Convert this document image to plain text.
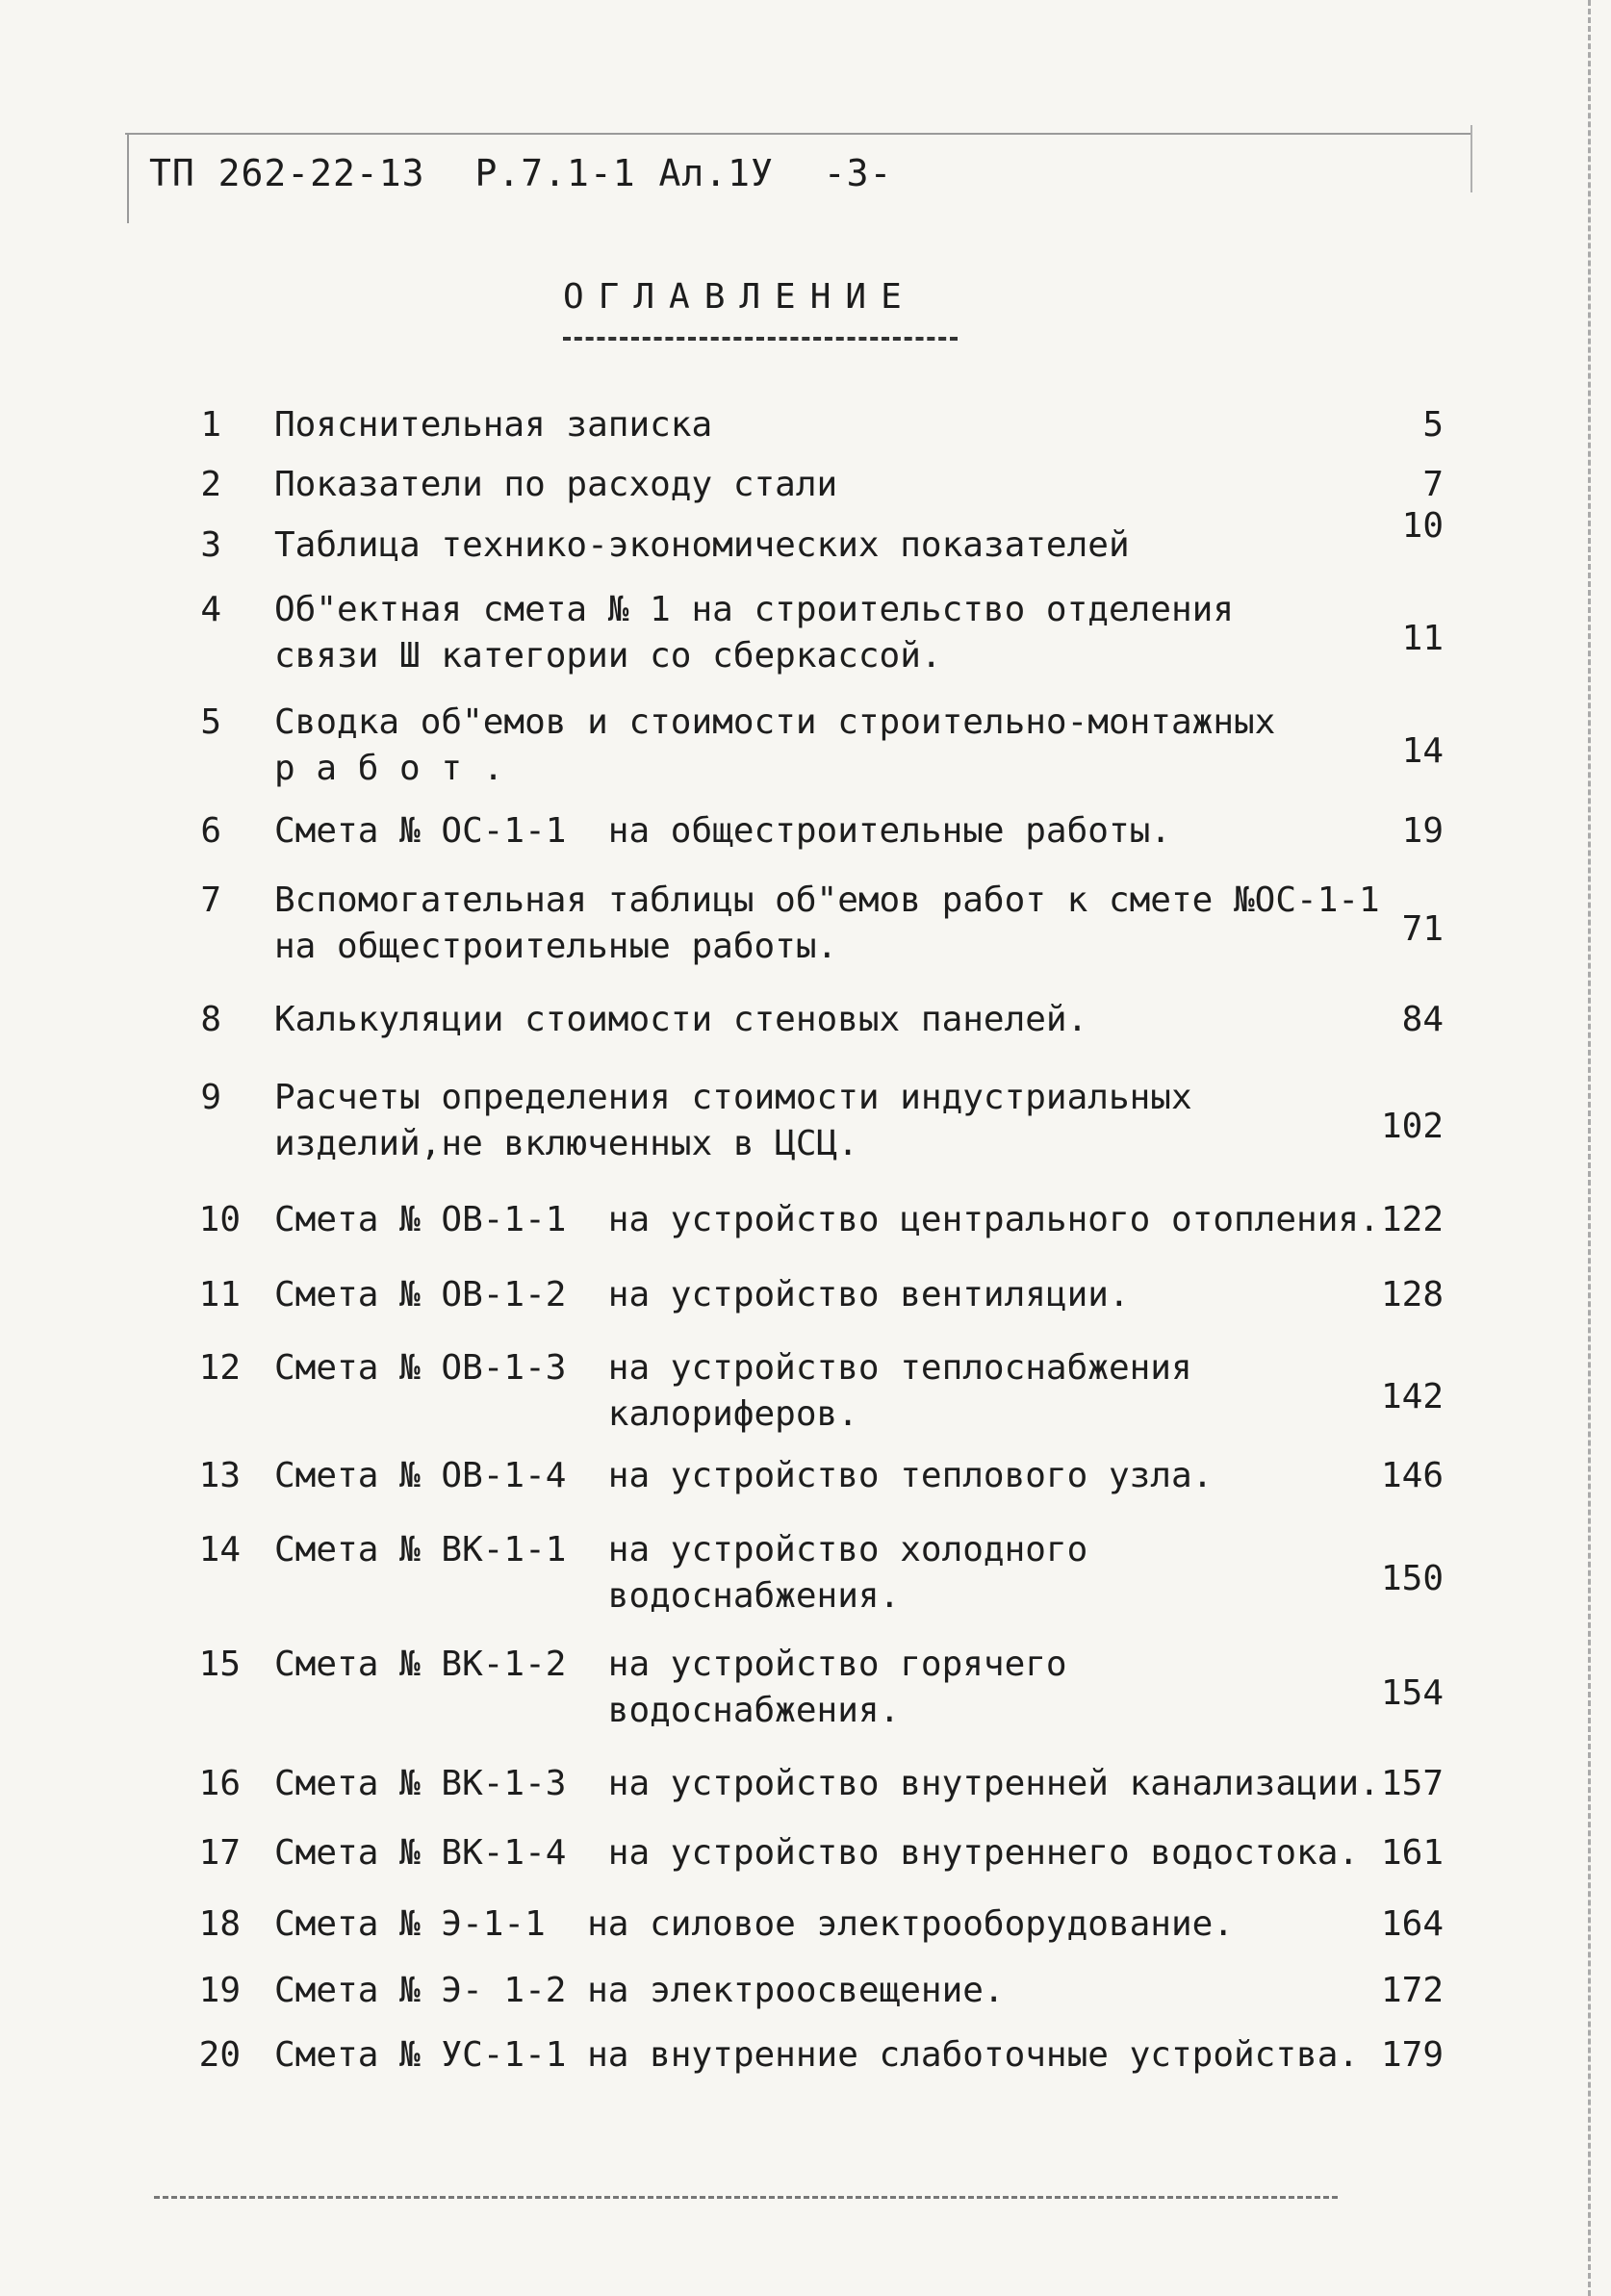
ТП 262-22-13 Р.7.1-1 Ал.1У -3-
ОГЛАВЛЕНИЕ
1 Пояснительная записка	5
2 Показатели по расходу стали	7
3 Таблица технико-экономических показателей	10
4 Об"ектная смета № 1 на строительство отделения
связи Ш категории со сберкассой.	11
5 Сводка об"емов и стоимости строительно-монтажных
р а б о т .	14
6 Смета № ОС-1-1  на общестроительные работы.	19
7 Вспомогательная таблицы об"емов работ к смете №ОС-1-1
на общестроительные работы.	71
8 Калькуляции стоимости стеновых панелей.	84
9 Расчеты определения стоимости индустриальных
изделий,не включенных в ЦСЦ.	102
10 Смета № ОВ-1-1  на устройство центрального отопления. 122
11 Смета № ОВ-1-2  на устройство вентиляции.	128
12 Смета № ОВ-1-3  на устройство теплоснабжения
калориферов.	142
13 Смета № ОВ-1-4  на устройство теплового узла.	146
14 Смета № ВК-1-1  на устройство холодного
водоснабжения.	150
15 Смета № ВК-1-2  на устройство горячего
водоснабжения.	154
16 Смета № ВК-1-3  на устройство внутренней канализации. 157
17 Смета № ВК-1-4  на устройство внутреннего водостока. 161
18 Смета № Э-1-1  на силовое электрооборудование.	164
19 Смета № Э- 1-2 на электроосвещение.	172
20 Смета № УС-1-1 на внутренние слаботочные устройства. 179
